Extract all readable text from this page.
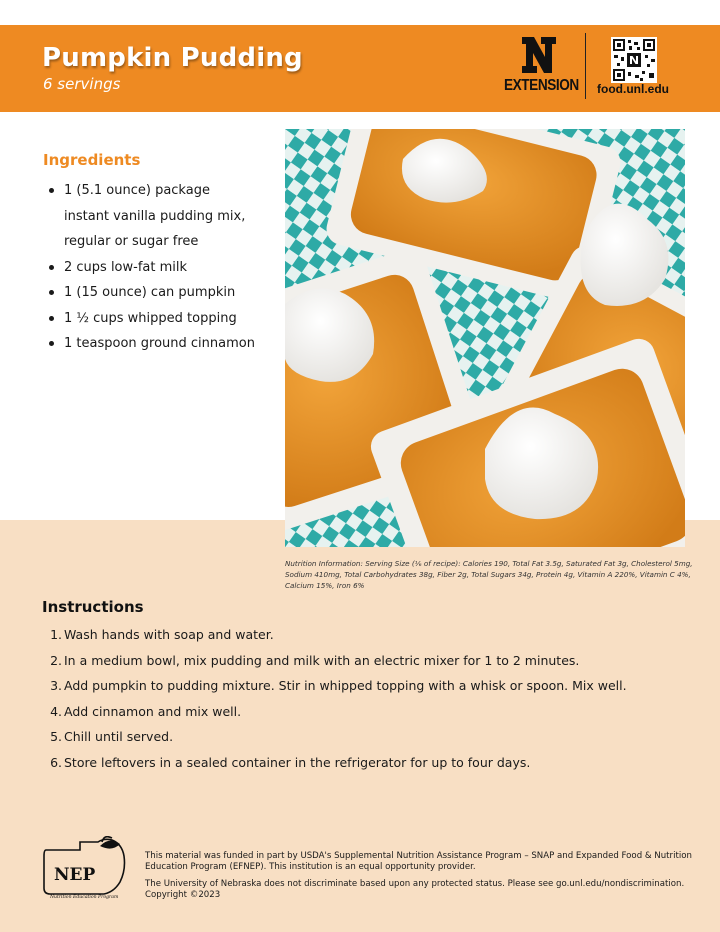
Pumpkin Pudding
6 servings	EXTENSION food.unl.edu
Ingredients
1 (5.1 ounce) package instant vanilla pudding mix, regular or sugar free
2 cups low-fat milk
1 (15 ounce) can pumpkin
1 ½ cups whipped topping
1 teaspoon ground cinnamon
Nutrition Information: Serving Size (⅙ of recipe): Calories 190, Total Fat 3.5g, Saturated Fat 3g, Cholesterol 5mg, Sodium 410mg, Total Carbohydrates 38g, Fiber 2g, Total Sugars 34g, Protein 4g, Vitamin A 220%, Vitamin C 4%, Calcium 15%, Iron 6%
Instructions
1. Wash hands with soap and water.
2. In a medium bowl, mix pudding and milk with an electric mixer for 1 to 2 minutes.
3. Add pumpkin to pudding mixture. Stir in whipped topping with a whisk or spoon. Mix well.
4. Add cinnamon and mix well.
5. Chill until served.
6. Store leftovers in a sealed container in the refrigerator for up to four days.
NEP
Nutrition Education Program
This material was funded in part by USDA's Supplemental Nutrition Assistance Program – SNAP and Expanded Food & Nutrition Education Program (EFNEP). This institution is an equal opportunity provider.
The University of Nebraska does not discriminate based upon any protected status. Please see go.unl.edu/nondiscrimination. Copyright ©2023
